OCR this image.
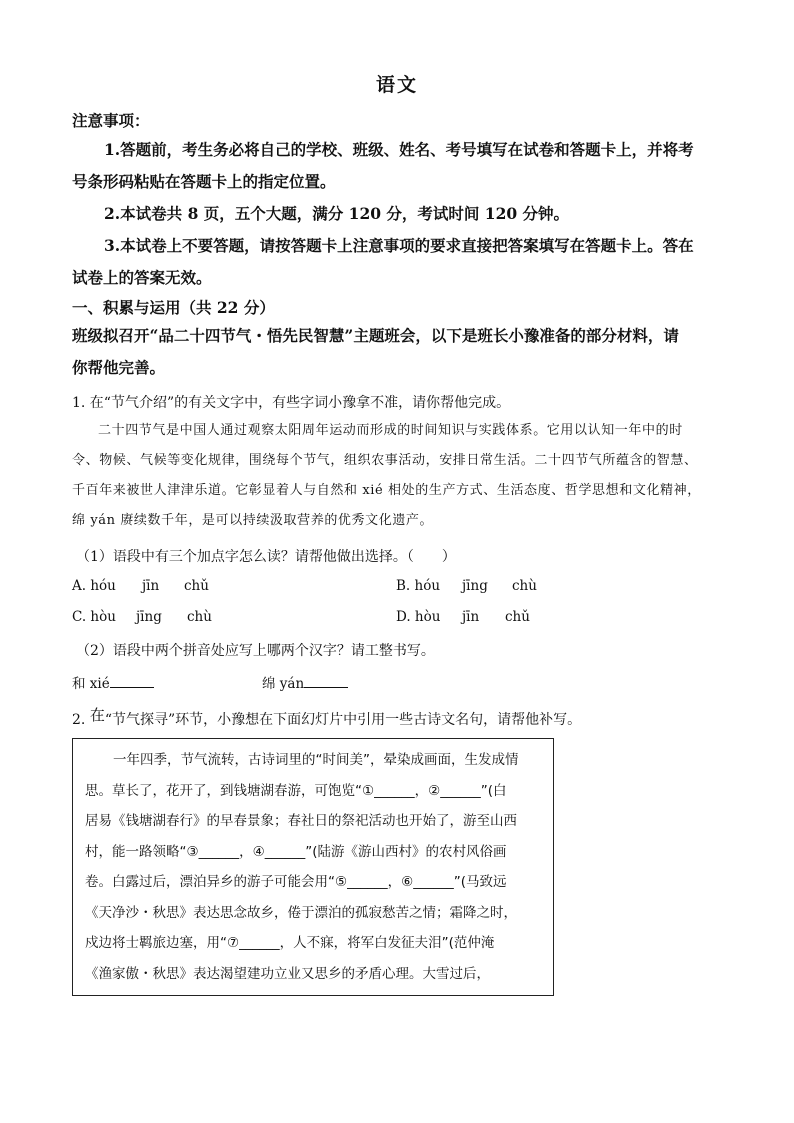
语文
注意事项：
1.答题前，考生务必将自己的学校、班级、姓名、考号填写在试卷和答题卡上，并将考
号条形码粘贴在答题卡上的指定位置。
2.本试卷共 8 页，五个大题，满分 120 分，考试时间 120 分钟。
3.本试卷上不要答题，请按答题卡上注意事项的要求直接把答案填写在答题卡上。答在
试卷上的答案无效。
一、积累与运用（共 22 分）
班级拟召开“品二十四节气・悟先民智慧”主题班会，以下是班长小豫准备的部分材料，请
你帮他完善。
1. 在“节气介绍”的有关文字中，有些字词小豫拿不准，请你帮他完成。
二十四节气是中国人通过观察太阳周年运动而形成的时间知识与实践体系。它用以认知一年中的时
令、物候、气候等变化规律，围绕每个节气，组织农事活动，安排日常生活。二十四节气所蕴含的智慧、
千百年来被世人津津乐道。它彰显着人与自然和 xié 相处的生产方式、生活态度、哲学思想和文化精神，
绵 yán 赓续数千年，是可以持续汲取营养的优秀文化遗产。
（1）语段中有三个加点字怎么读？请帮他做出选择。（　　）
A. hóu jīn chǔ	B. hóu jīng chù
C. hòu jīng chù	D. hòu jīn chǔ
（2）语段中两个拼音处应写上哪两个汉字？请工整书写。
和 xié	绵 yán
2. 在“节气探寻”环节，小豫想在下面幻灯片中引用一些古诗文名句，请帮他补写。

一年四季，节气流转，古诗词里的“时间美”，晕染成画面，生发成情

思。草长了，花开了，到钱塘湖春游，可饱览“①______，②______”(白

居易《钱塘湖春行》的早春景象；春社日的祭祀活动也开始了，游至山西

村，能一路领略“③______，④______”(陆游《游山西村》的农村风俗画

卷。白露过后，漂泊异乡的游子可能会用“⑤______，⑥______”(马致远

《天净沙・秋思》表达思念故乡，倦于漂泊的孤寂愁苦之情；霜降之时，

戍边将士羁旅边塞，用“⑦______，人不寐，将军白发征夫泪”(范仲淹

《渔家傲・秋思》表达渴望建功立业又思乡的矛盾心理。大雪过后，
